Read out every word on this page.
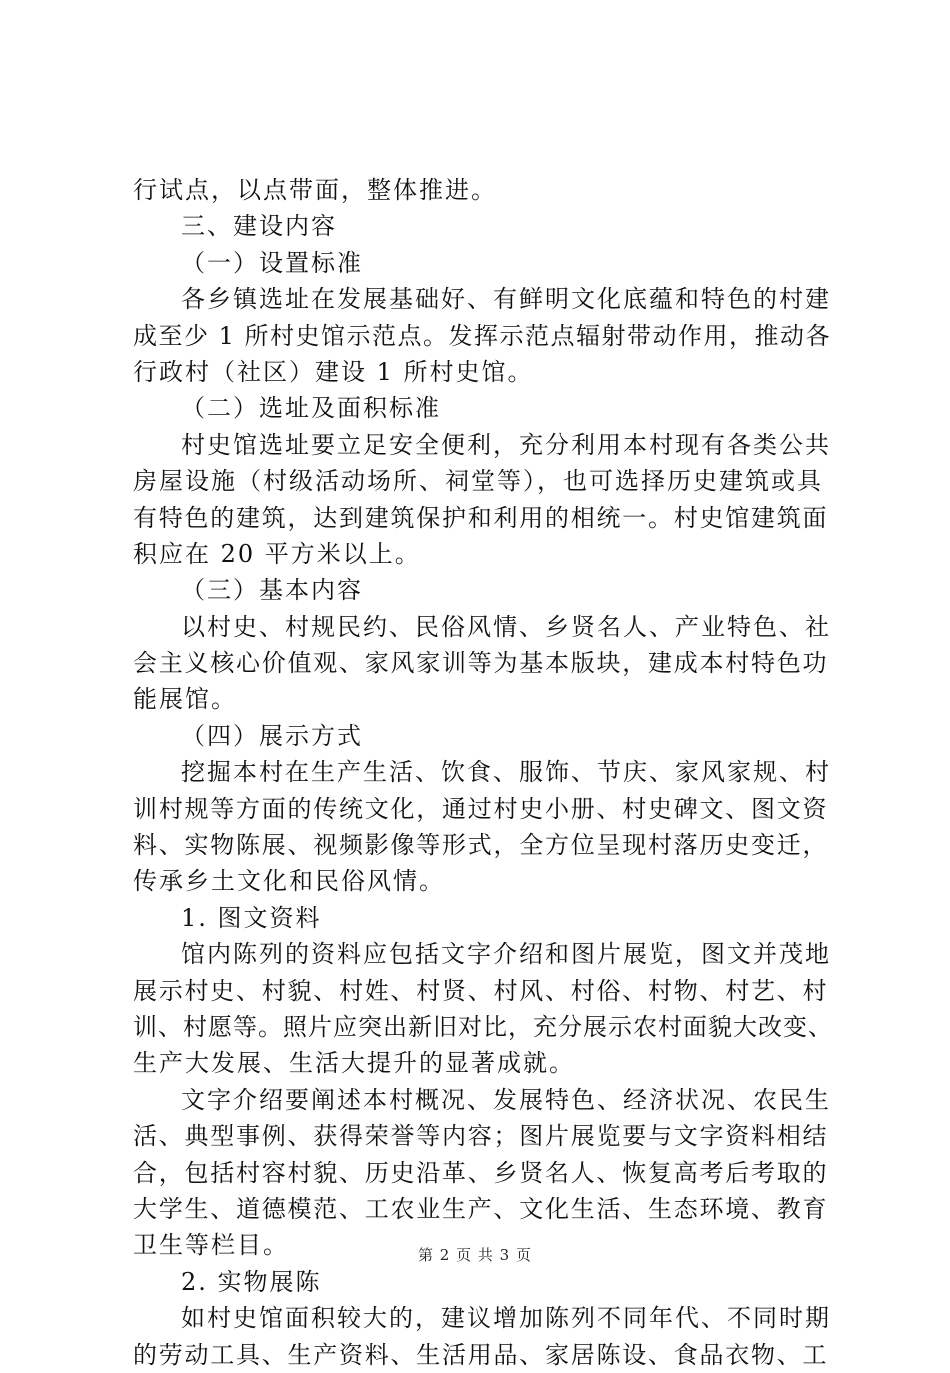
行试点，以点带面，整体推进。
三、建设内容
（一）设置标准
各乡镇选址在发展基础好、有鲜明文化底蕴和特色的村建
成至少 1 所村史馆示范点。发挥示范点辐射带动作用，推动各
行政村（社区）建设 1 所村史馆。
（二）选址及面积标准
村史馆选址要立足安全便利，充分利用本村现有各类公共
房屋设施（村级活动场所、祠堂等），也可选择历史建筑或具
有特色的建筑，达到建筑保护和利用的相统一。村史馆建筑面
积应在 20 平方米以上。
（三）基本内容
以村史、村规民约、民俗风情、乡贤名人、产业特色、社
会主义核心价值观、家风家训等为基本版块，建成本村特色功
能展馆。
（四）展示方式
挖掘本村在生产生活、饮食、服饰、节庆、家风家规、村
训村规等方面的传统文化，通过村史小册、村史碑文、图文资
料、实物陈展、视频影像等形式，全方位呈现村落历史变迁，
传承乡土文化和民俗风情。
1. 图文资料
馆内陈列的资料应包括文字介绍和图片展览，图文并茂地
展示村史、村貌、村姓、村贤、村风、村俗、村物、村艺、村
训、村愿等。照片应突出新旧对比，充分展示农村面貌大改变、
生产大发展、生活大提升的显著成就。
文字介绍要阐述本村概况、发展特色、经济状况、农民生
活、典型事例、获得荣誉等内容；图片展览要与文字资料相结
合，包括村容村貌、历史沿革、乡贤名人、恢复高考后考取的
大学生、道德模范、工农业生产、文化生活、生态环境、教育
卫生等栏目。
2. 实物展陈
如村史馆面积较大的，建议增加陈列不同年代、不同时期
的劳动工具、生产资料、生活用品、家居陈设、食品衣物、工
第 2 页 共 3 页
